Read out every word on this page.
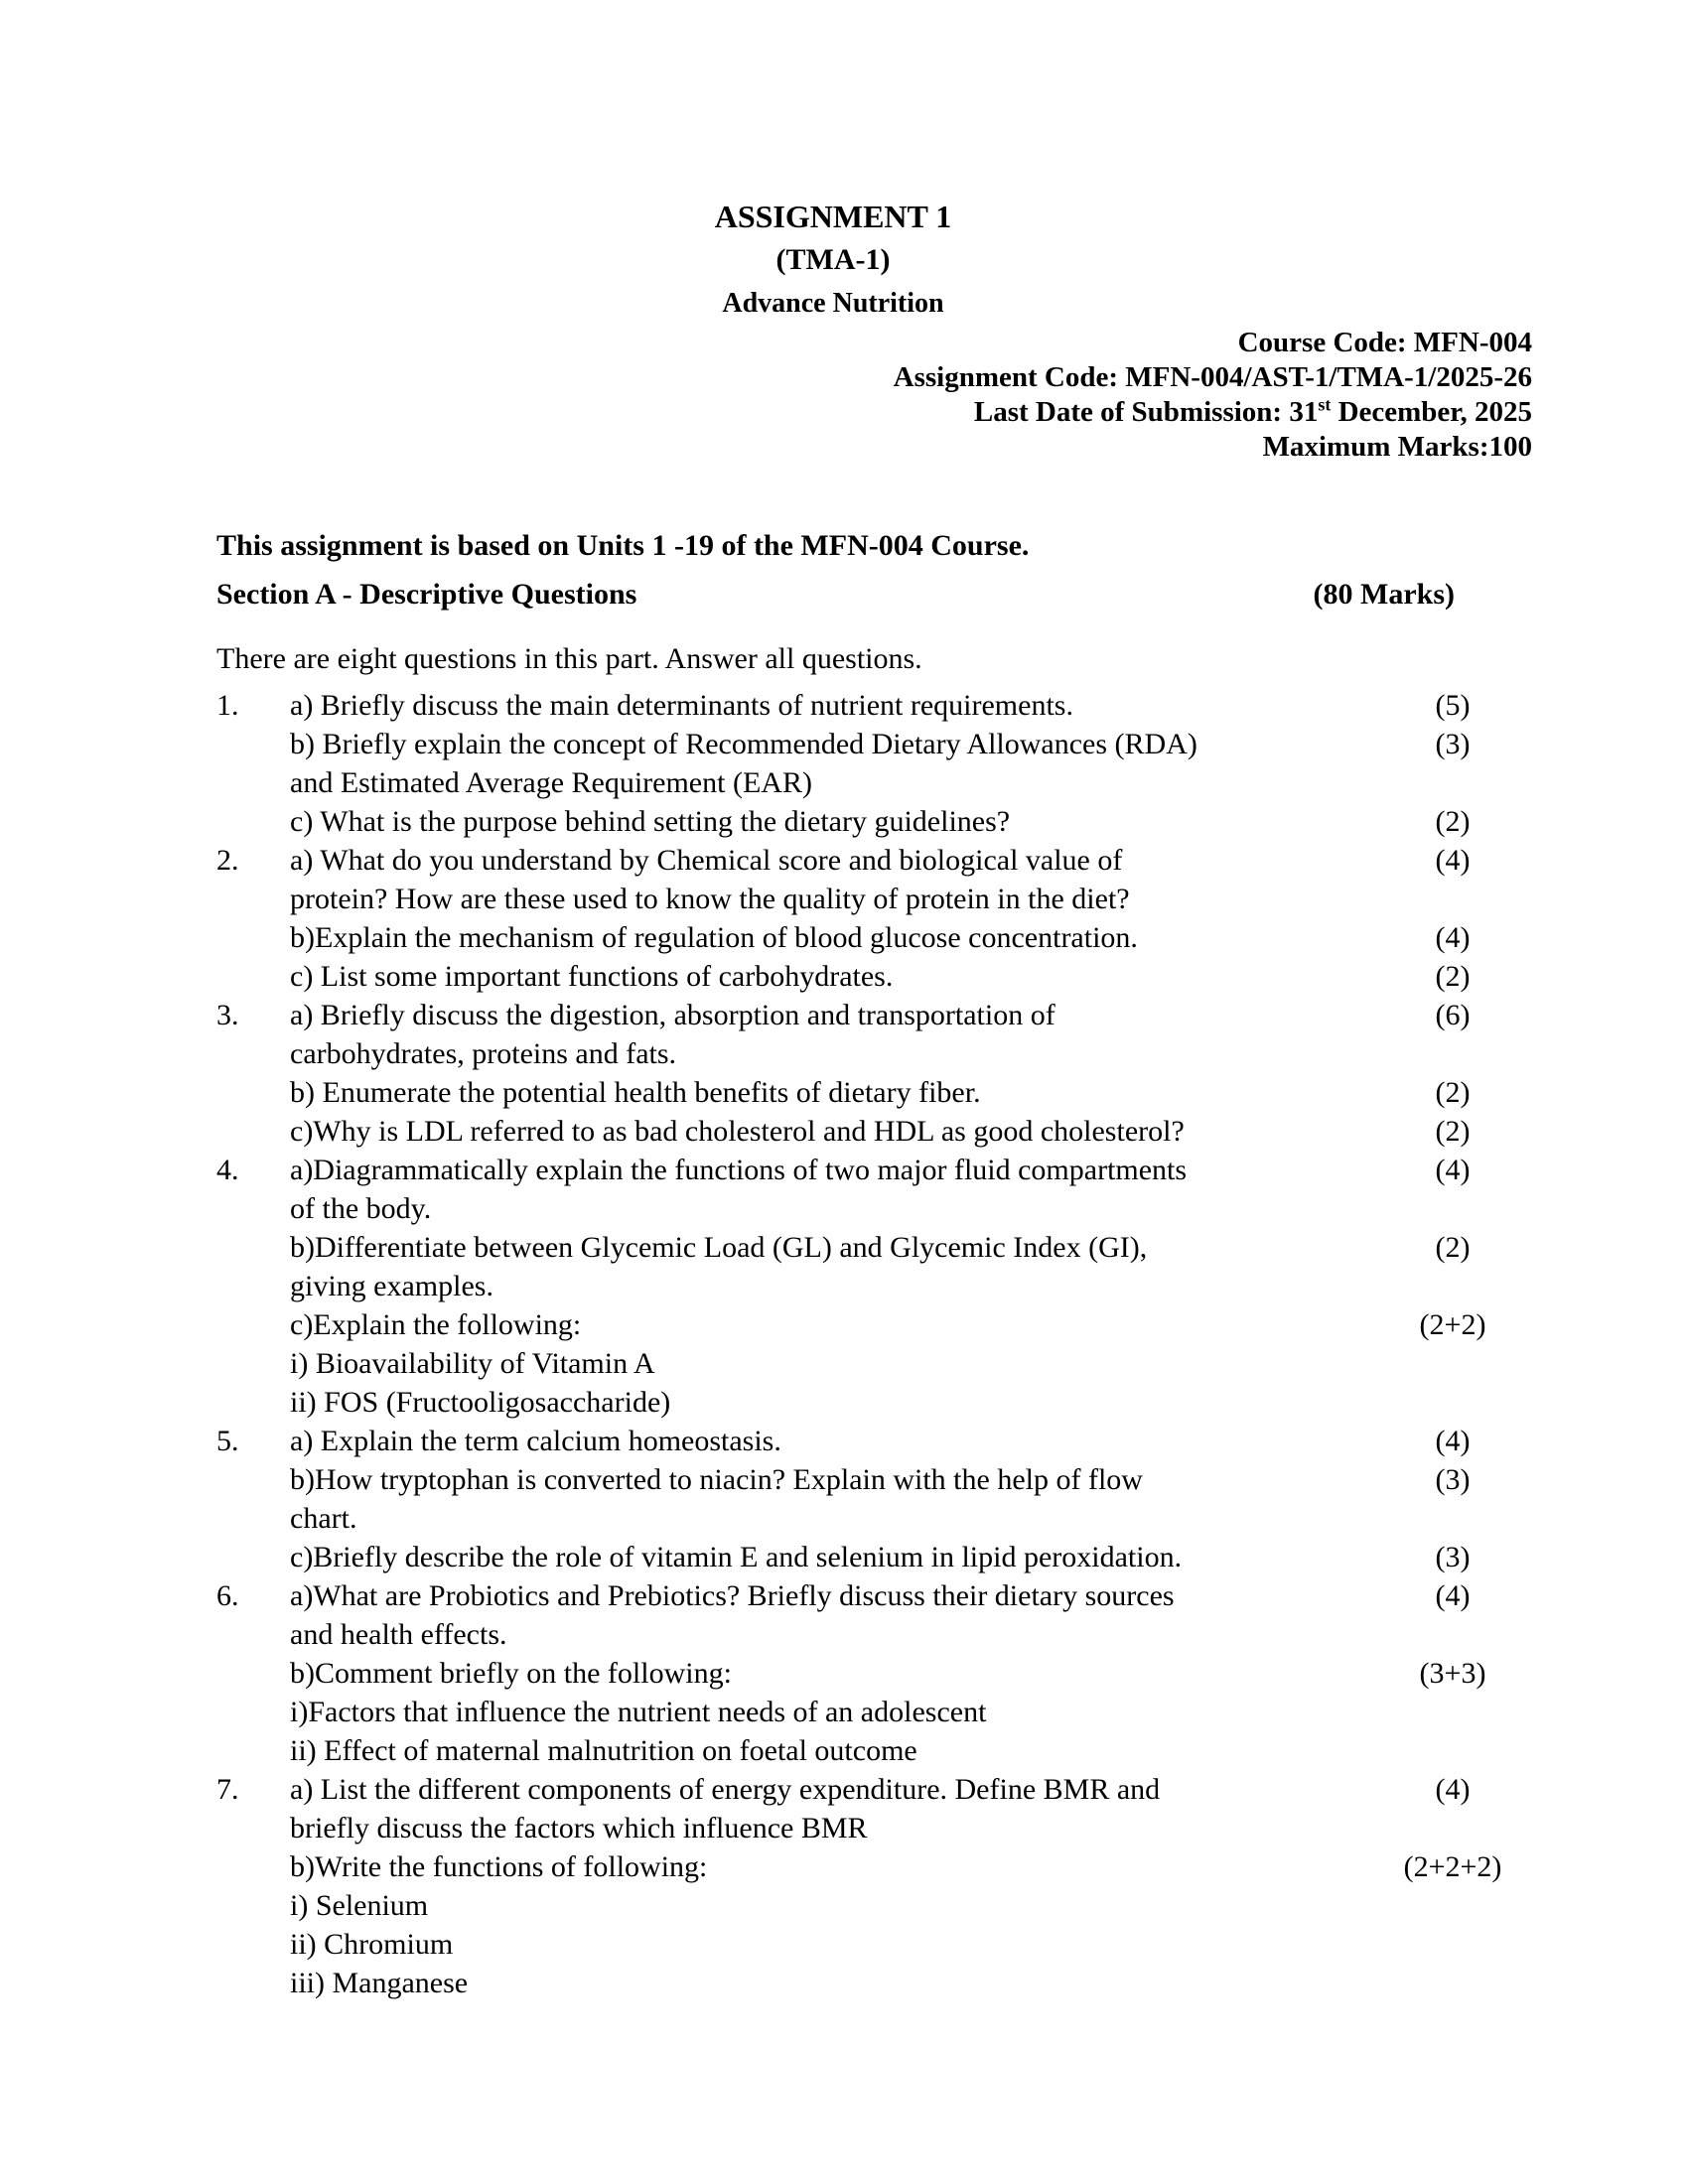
ASSIGNMENT 1
(TMA-1)
Advance Nutrition
Course Code: MFN-004
Assignment Code: MFN-004/AST-1/TMA-1/2025-26
Last Date of Submission: 31st December, 2025
Maximum Marks:100
This assignment is based on Units 1 -19 of the MFN-004 Course.
Section A - Descriptive Questions	(80 Marks)
There are eight questions in this part. Answer all questions.
1.	a) Briefly discuss the main determinants of nutrient requirements.	(5)
b) Briefly explain the concept of Recommended Dietary Allowances (RDA)	(3)
and Estimated Average Requirement (EAR)
c) What is the purpose behind setting the dietary guidelines?	(2)
2.	a) What do you understand by Chemical score and biological value of	(4)
protein? How are these used to know the quality of protein in the diet?
b)Explain the mechanism of regulation of blood glucose concentration.	(4)
c) List some important functions of carbohydrates.	(2)
3.	a) Briefly discuss the digestion, absorption and transportation of	(6)
carbohydrates, proteins and fats.
b) Enumerate the potential health benefits of dietary fiber.	(2)
c)Why is LDL referred to as bad cholesterol and HDL as good cholesterol?	(2)
4.	a)Diagrammatically explain the functions of two major fluid compartments	(4)
of the body.
b)Differentiate between Glycemic Load (GL) and Glycemic Index (GI),	(2)
giving examples.
c)Explain the following:	(2+2)
i) Bioavailability of Vitamin A
ii) FOS (Fructooligosaccharide)
5.	a) Explain the term calcium homeostasis.	(4)
b)How tryptophan is converted to niacin? Explain with the help of flow	(3)
chart.
c)Briefly describe the role of vitamin E and selenium in lipid peroxidation.	(3)
6.	a)What are Probiotics and Prebiotics? Briefly discuss their dietary sources	(4)
and health effects.
b)Comment briefly on the following:	(3+3)
i)Factors that influence the nutrient needs of an adolescent
ii) Effect of maternal malnutrition on foetal outcome
7.	a) List the different components of energy expenditure. Define BMR and	(4)
briefly discuss the factors which influence BMR
b)Write the functions of following:	(2+2+2)
i) Selenium
ii) Chromium
iii) Manganese
